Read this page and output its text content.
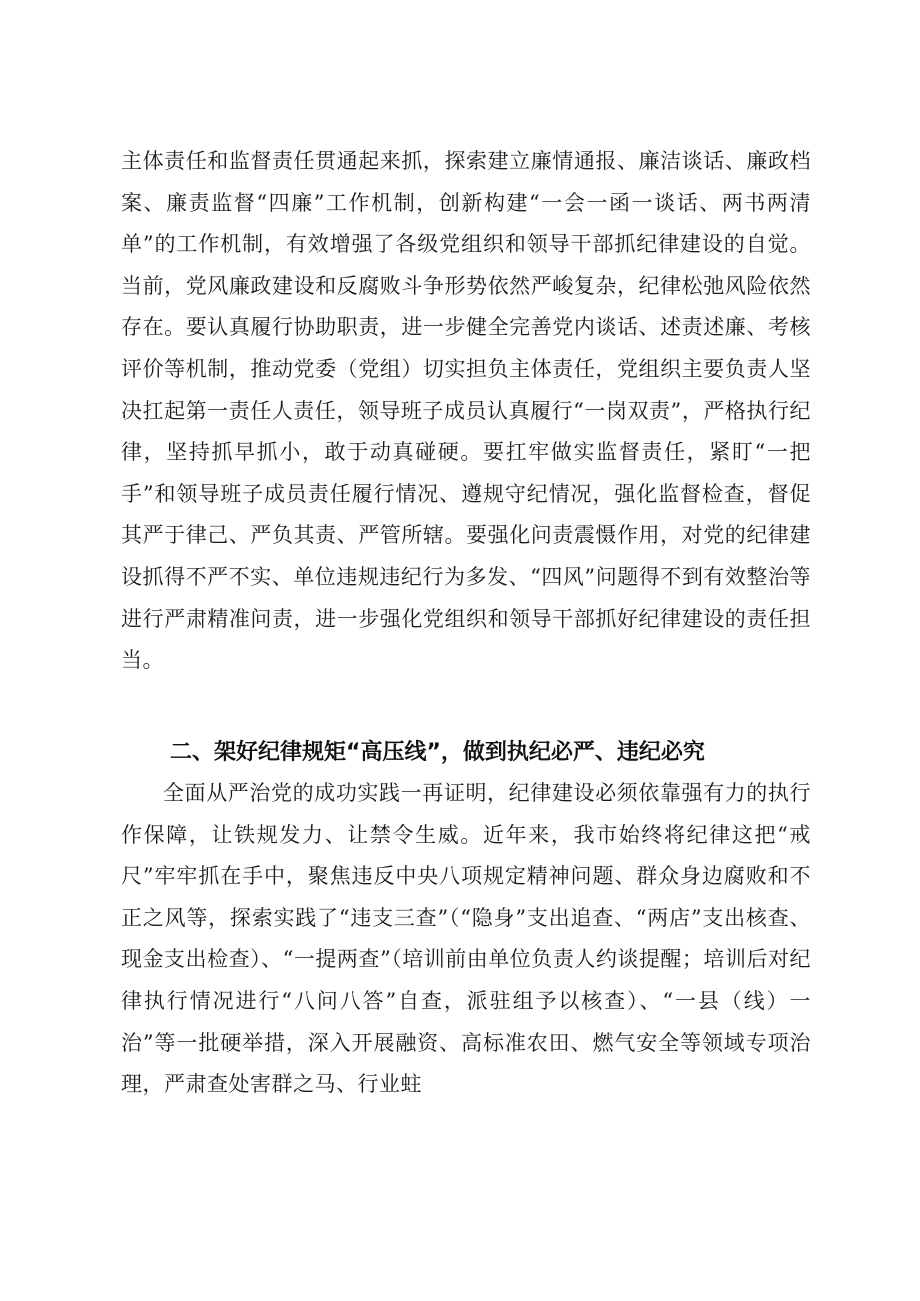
主体责任和监督责任贯通起来抓，探索建立廉情通报、廉洁谈话、廉政档案、廉责监督“四廉”工作机制，创新构建“一会一函一谈话、两书两清单”的工作机制，有效增强了各级党组织和领导干部抓纪律建设的自觉。当前，党风廉政建设和反腐败斗争形势依然严峻复杂，纪律松弛风险依然存在。要认真履行协助职责，进一步健全完善党内谈话、述责述廉、考核评价等机制，推动党委（党组）切实担负主体责任，党组织主要负责人坚决扛起第一责任人责任，领导班子成员认真履行“一岗双责”，严格执行纪律，坚持抓早抓小，敢于动真碰硬。要扛牢做实监督责任，紧盯“一把手”和领导班子成员责任履行情况、遵规守纪情况，强化监督检查，督促其严于律己、严负其责、严管所辖。要强化问责震慑作用，对党的纪律建设抓得不严不实、单位违规违纪行为多发、“四风”问题得不到有效整治等进行严肃精准问责，进一步强化党组织和领导干部抓好纪律建设的责任担当。
二、架好纪律规矩“高压线”，做到执纪必严、违纪必究
全面从严治党的成功实践一再证明，纪律建设必须依靠强有力的执行作保障，让铁规发力、让禁令生威。近年来，我市始终将纪律这把“戒尺”牢牢抓在手中，聚焦违反中央八项规定精神问题、群众身边腐败和不正之风等，探索实践了“违支三查”（“隐身”支出追查、“两店”支出核查、现金支出检查）、“一提两查”（培训前由单位负责人约谈提醒；培训后对纪律执行情况进行“八问八答”自查，派驻组予以核查）、“一县（线）一治”等一批硬举措，深入开展融资、高标准农田、燃气安全等领域专项治理，严肃查处害群之马、行业蛀
